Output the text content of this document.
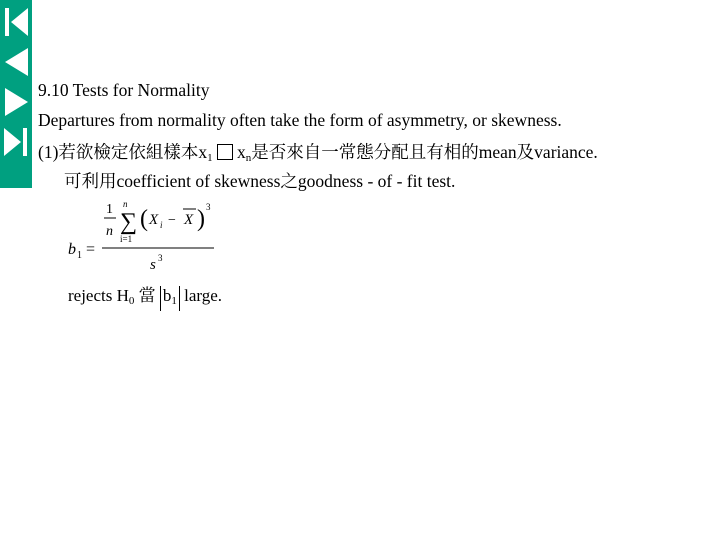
9.10 Tests for Normality
Departures from normality often take the form of asymmetry, or skewness.
(1)若欲檢定依組樣本$x_1$ $x_n$是否來自一常態分配且有相的mean及variance.
可利用coefficient of skewness之goodness - of - fit test.
b 1 =
1
n
n
∑
i=1
( X i − X ) 3
s 3
rejects $H_0$ 當 $b_1$ large.
